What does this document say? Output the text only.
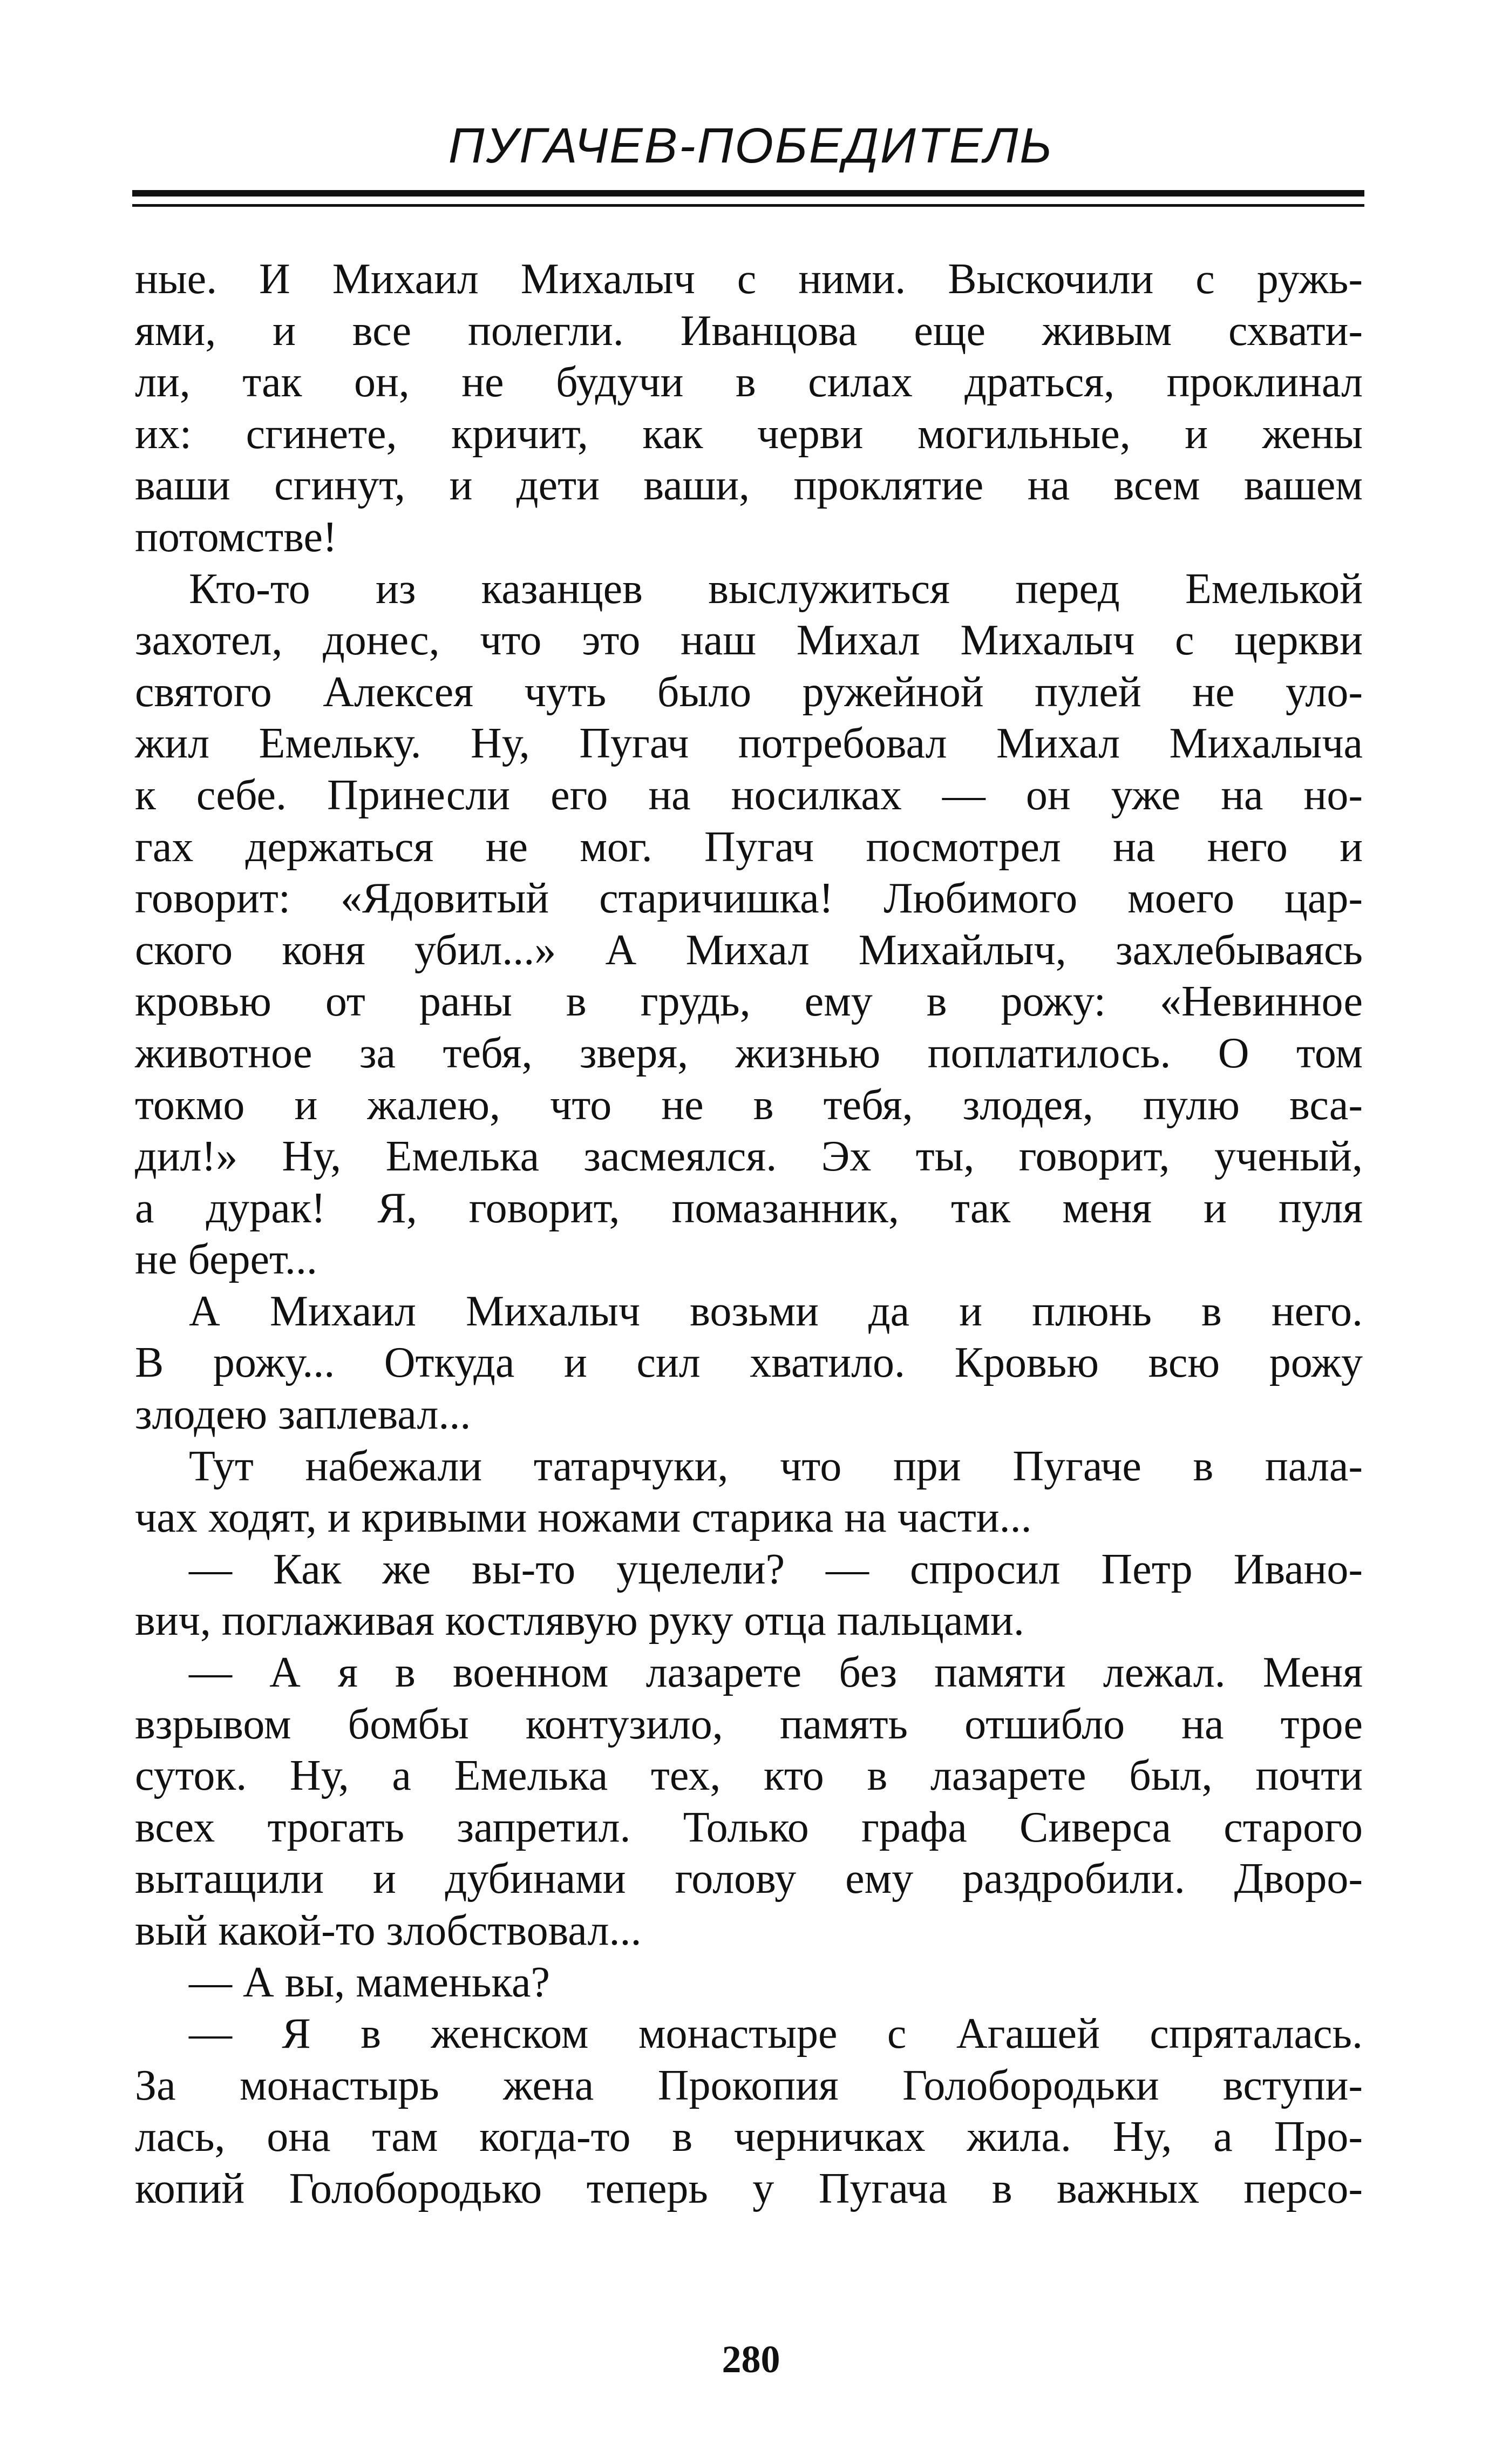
ПУГАЧЕВ-ПОБЕДИТЕЛЬ
ные. И Михаил Михалыч с ними. Выскочили с ружь-
ями, и все полегли. Иванцова еще живым схвати-
ли, так он, не будучи в силах драться, проклинал
их: сгинете, кричит, как черви могильные, и жены
ваши сгинут, и дети ваши, проклятие на всем вашем
потомстве!
Кто-то из казанцев выслужиться перед Емелькой
захотел, донес, что это наш Михал Михалыч с церкви
святого Алексея чуть было ружейной пулей не уло-
жил Емельку. Ну, Пугач потребовал Михал Михалыча
к себе. Принесли его на носилках — он уже на но-
гах держаться не мог. Пугач посмотрел на него и
говорит: «Ядовитый старичишка! Любимого моего цар-
ского коня убил...» А Михал Михайлыч, захлебываясь
кровью от раны в грудь, ему в рожу: «Невинное
животное за тебя, зверя, жизнью поплатилось. О том
токмо и жалею, что не в тебя, злодея, пулю вса-
дил!» Ну, Емелька засмеялся. Эх ты, говорит, ученый,
а дурак! Я, говорит, помазанник, так меня и пуля
не берет...
А Михаил Михалыч возьми да и плюнь в него.
В рожу... Откуда и сил хватило. Кровью всю рожу
злодею заплевал...
Тут набежали татарчуки, что при Пугаче в пала-
чах ходят, и кривыми ножами старика на части...
— Как же вы-то уцелели? — спросил Петр Ивано-
вич, поглаживая костлявую руку отца пальцами.
— А я в военном лазарете без памяти лежал. Меня
взрывом бомбы контузило, память отшибло на трое
суток. Ну, а Емелька тех, кто в лазарете был, почти
всех трогать запретил. Только графа Сиверса старого
вытащили и дубинами голову ему раздробили. Дворо-
вый какой-то злобствовал...
— А вы, маменька?
— Я в женском монастыре с Агашей спряталась.
За монастырь жена Прокопия Голобородьки вступи-
лась, она там когда-то в черничках жила. Ну, а Про-
копий Голобородько теперь у Пугача в важных персо-
280
